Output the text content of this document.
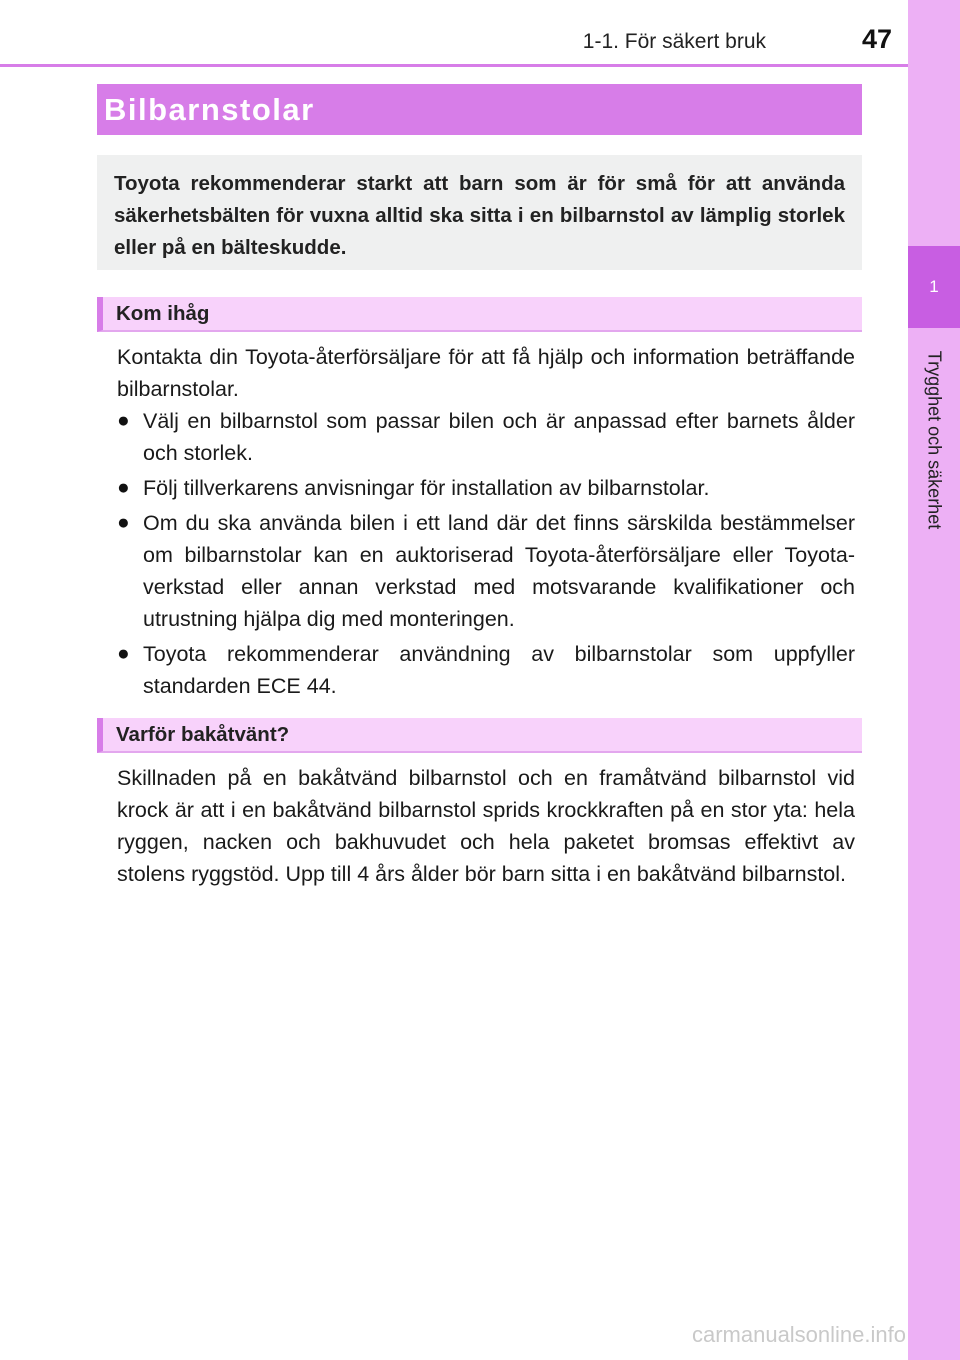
1-1. För säkert bruk	47
1
Trygghet och säkerhet
Bilbarnstolar

Toyota rekommenderar starkt att barn som är för små för att använda säkerhetsbälten för vuxna alltid ska sitta i en bilbarnstol av lämplig storlek eller på en bälteskudde.

Kom ihåg

Kontakta din Toyota-återförsäljare för att få hjälp och information beträffande bilbarnstolar.

● Välj en bilbarnstol som passar bilen och är anpassad efter barnets ålder och storlek.
● Följ tillverkarens anvisningar för installation av bilbarnstolar.
● Om du ska använda bilen i ett land där det finns särskilda bestämmelser om bilbarnstolar kan en auktoriserad Toyota-återförsäljare eller Toyota-verkstad eller annan verkstad med motsvarande kvalifikationer och utrustning hjälpa dig med monteringen.
● Toyota rekommenderar användning av bilbarnstolar som uppfyller standarden ECE 44.
Varför bakåtvänt?

Skillnaden på en bakåtvänd bilbarnstol och en framåtvänd bilbarnstol vid krock är att i en bakåtvänd bilbarnstol sprids krockkraften på en stor yta: hela ryggen, nacken och bakhuvudet och hela paketet bromsas effektivt av stolens ryggstöd. Upp till 4 års ålder bör barn sitta i en bakåtvänd bilbarnstol.

carmanualsonline.info
